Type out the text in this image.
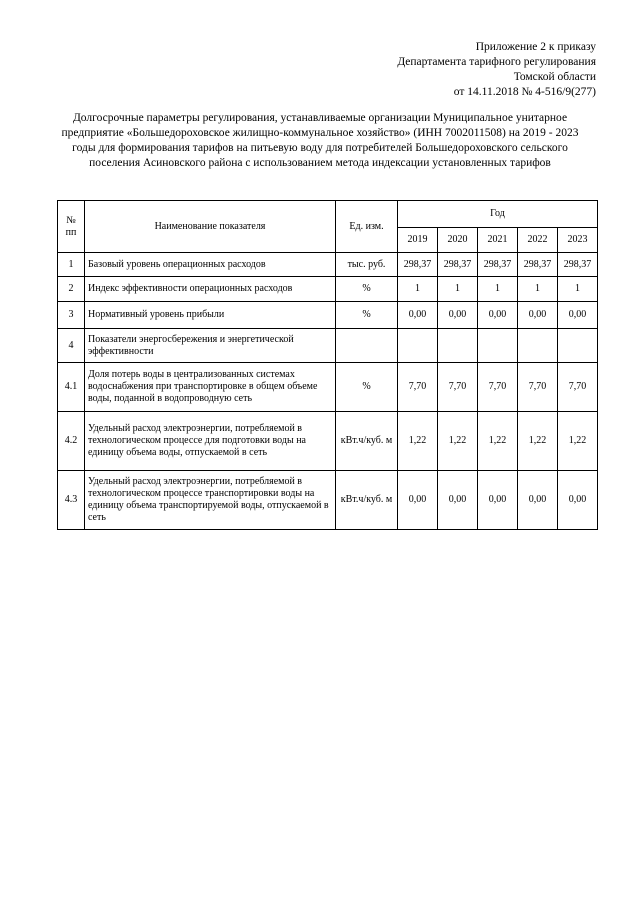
Приложение 2 к приказу
Департамента тарифного регулирования
Томской области
от 14.11.2018 № 4-516/9(277)
Долгосрочные параметры регулирования, устанавливаемые организации Муниципальное унитарное предприятие «Большедороховское жилищно-коммунальное хозяйство» (ИНН 7002011508) на 2019 - 2023 годы для формирования тарифов на питьевую воду для потребителей Большедороховского сельского поселения Асиновского района с использованием метода индексации установленных тарифов
№ пп	Наименование показателя	Ед. изм.	Год				
			2019	2020	2021	2022	2023
1	Базовый уровень операционных расходов	тыс. руб.	298,37	298,37	298,37	298,37	298,37
2	Индекс эффективности операционных расходов	%	1	1	1	1	1
3	Нормативный уровень прибыли	%	0,00	0,00	0,00	0,00	0,00
4	Показатели энергосбережения и энергетической эффективности						
4.1	Доля потерь воды в централизованных системах водоснабжения при транспортировке в общем объеме воды, поданной в водопроводную сеть	%	7,70	7,70	7,70	7,70	7,70
4.2	Удельный расход электроэнергии, потребляемой в технологическом процессе для подготовки воды на единицу объема воды, отпускаемой в сеть	кВт.ч/куб. м	1,22	1,22	1,22	1,22	1,22
4.3	Удельный расход электроэнергии, потребляемой в технологическом процессе транспортировки воды на единицу объема транспортируемой воды, отпускаемой в сеть	кВт.ч/куб. м	0,00	0,00	0,00	0,00	0,00
